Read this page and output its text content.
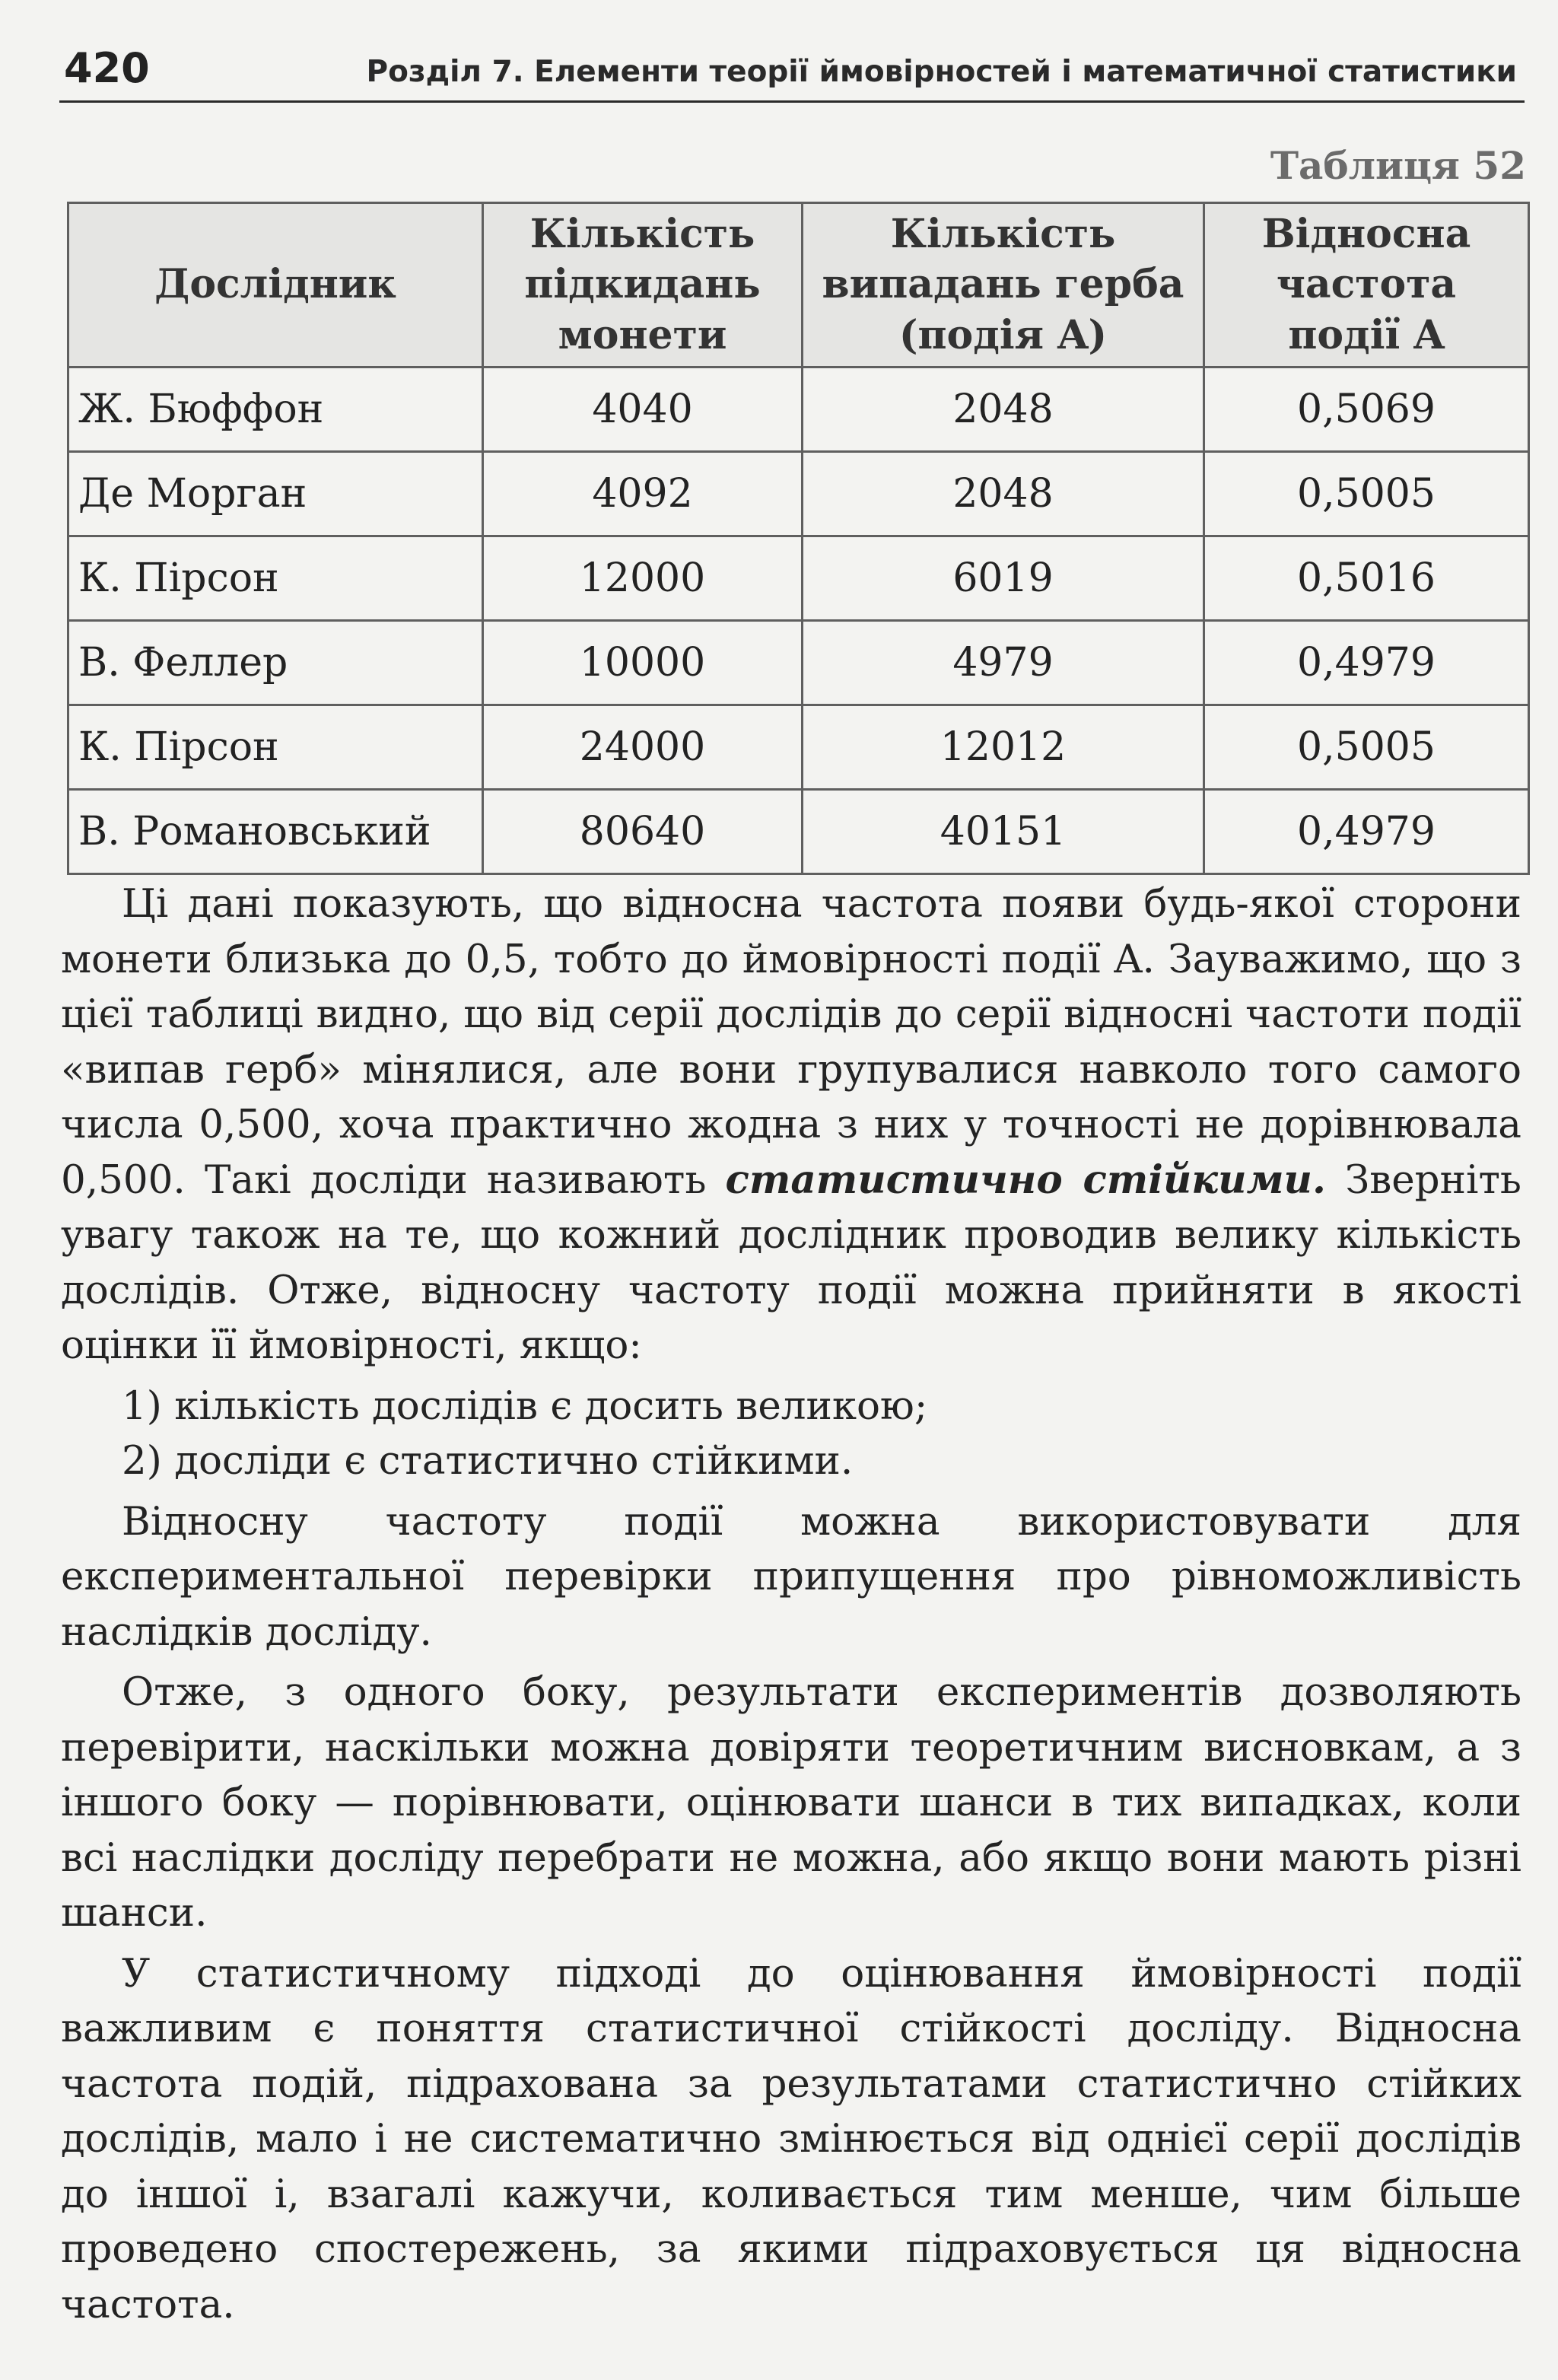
420	Розділ 7. Елементи теорії ймовірностей і математичної статистики
Таблиця 52
Дослідник	Кількість підкидань монети	Кількість випадань герба (подія A)	Відносна частота події A
Ж. Бюффон	4040	2048	0,5069
Де Морган	4092	2048	0,5005
К. Пірсон	12000	6019	0,5016
В. Феллер	10000	4979	0,4979
К. Пірсон	24000	12012	0,5005
В. Романовський	80640	40151	0,4979

Ці дані показують, що відносна частота появи будь-якої сторони монети близька до 0,5, тобто до ймовірності події A. Зауважимо, що з цієї таблиці видно, що від серії дослідів до серії відносні частоти події «випав герб» мінялися, але вони групувалися навколо того самого числа 0,500, хоча практично жодна з них у точності не дорівнювала 0,500. Такі досліди називають статистично стійкими. Зверніть увагу також на те, що кожний дослідник проводив велику кількість дослідів. Отже, відносну частоту події можна прийняти в якості оцінки її ймовірності, якщо:

1) кількість дослідів є досить великою;

2) досліди є статистично стійкими.

Відносну частоту події можна використовувати для експериментальної перевірки припущення про рівноможливість наслідків досліду.

Отже, з одного боку, результати експериментів дозволяють перевірити, наскільки можна довіряти теоретичним висновкам, а з іншого боку — порівнювати, оцінювати шанси в тих випадках, коли всі наслідки досліду перебрати не можна, або якщо вони мають різні шанси.

У статистичному підході до оцінювання ймовірності події важливим є поняття статистичної стійкості досліду. Відносна частота подій, підрахована за результатами статистично стійких дослідів, мало і не систематично змінюється від однієї серії дослідів до іншої і, взагалі кажучи, коливається тим менше, чим більше проведено спостережень, за якими підраховується ця відносна частота.
